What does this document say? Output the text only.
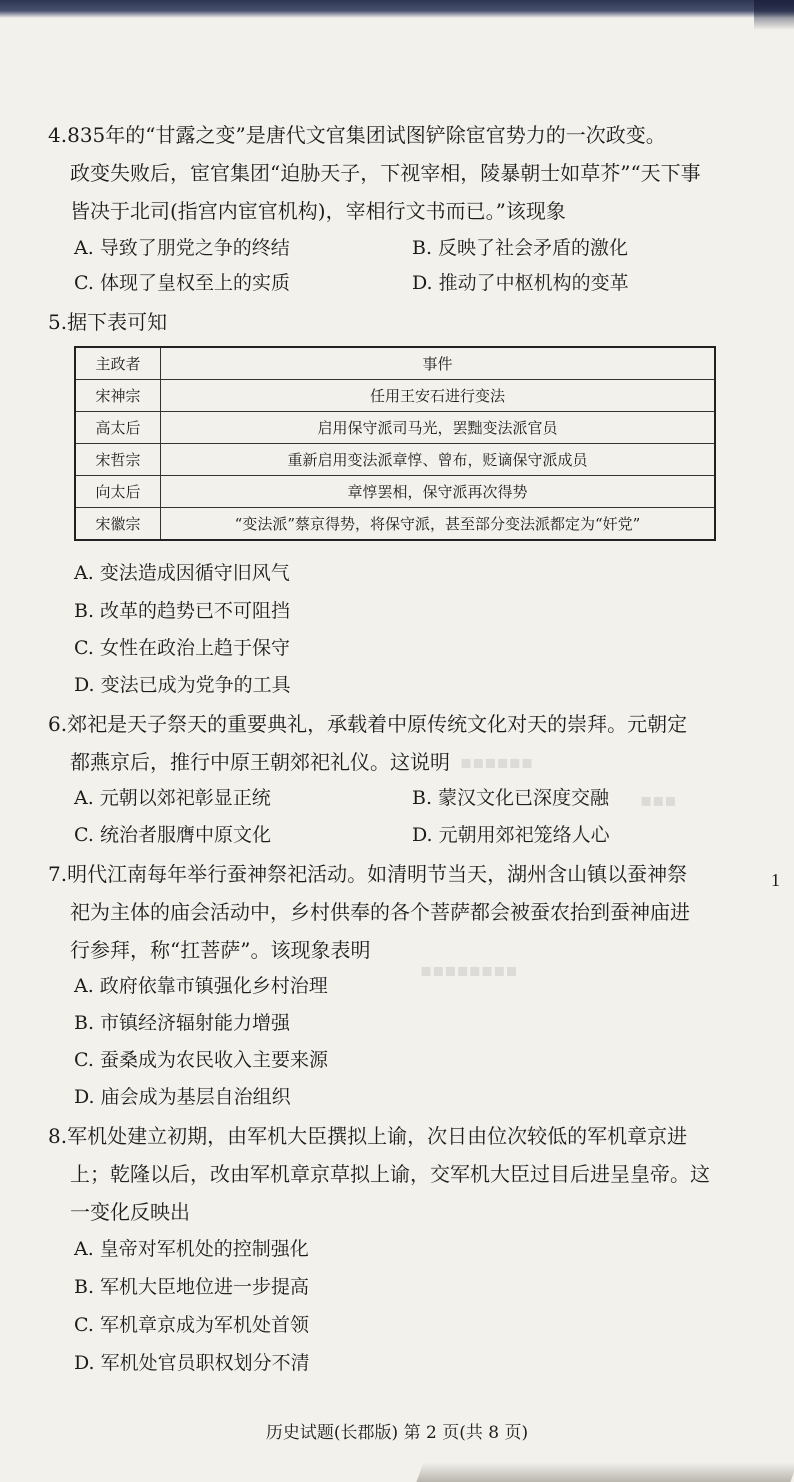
▪▪▪▪▪▪
▪▪▪
▪▪▪▪▪▪▪▪
4.835年的“甘露之变”是唐代文官集团试图铲除宦官势力的一次政变。
政变失败后，宦官集团“迫胁天子，下视宰相，陵暴朝士如草芥”“天下事
皆决于北司(指宫内宦官机构)，宰相行文书而已。”该现象
A. 导致了朋党之争的终结	B. 反映了社会矛盾的激化
C. 体现了皇权至上的实质	D. 推动了中枢机构的变革
5.据下表可知
主政者	事件
宋神宗	任用王安石进行变法
高太后	启用保守派司马光，罢黜变法派官员
宋哲宗	重新启用变法派章惇、曾布，贬谪保守派成员
向太后	章惇罢相，保守派再次得势
宋徽宗	“变法派”蔡京得势，将保守派，甚至部分变法派都定为“奸党”
A. 变法造成因循守旧风气
B. 改革的趋势已不可阻挡
C. 女性在政治上趋于保守
D. 变法已成为党争的工具
6.郊祀是天子祭天的重要典礼，承载着中原传统文化对天的崇拜。元朝定
都燕京后，推行中原王朝郊祀礼仪。这说明
A. 元朝以郊祀彰显正统	B. 蒙汉文化已深度交融
C. 统治者服膺中原文化	D. 元朝用郊祀笼络人心
7.明代江南每年举行蚕神祭祀活动。如清明节当天，湖州含山镇以蚕神祭
祀为主体的庙会活动中，乡村供奉的各个菩萨都会被蚕农抬到蚕神庙进
行参拜，称“扛菩萨”。该现象表明
A. 政府依靠市镇强化乡村治理
B. 市镇经济辐射能力增强
C. 蚕桑成为农民收入主要来源
D. 庙会成为基层自治组织
8.军机处建立初期，由军机大臣撰拟上谕，次日由位次较低的军机章京进
上；乾隆以后，改由军机章京草拟上谕，交军机大臣过目后进呈皇帝。这
一变化反映出
A. 皇帝对军机处的控制强化
B. 军机大臣地位进一步提高
C. 军机章京成为军机处首领
D. 军机处官员职权划分不清
1
历史试题(长郡版) 第 2 页(共 8 页)
